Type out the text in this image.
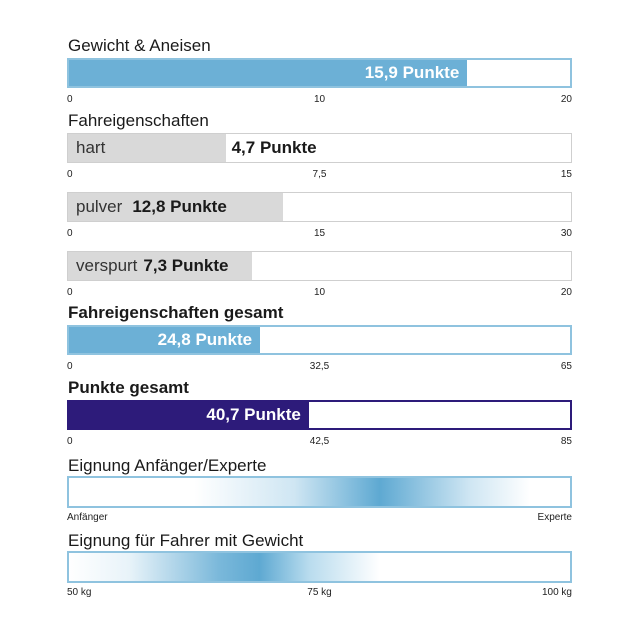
Gewicht & Aneisen
15,9 Punkte
0	10	20
Fahreigenschaften
hart	4,7 Punkte
0	7,5	15
pulver 12,8 Punkte
0	15	30
verspurt 7,3 Punkte
0	10	20
Fahreigenschaften gesamt
24,8 Punkte
0	32,5	65
Punkte gesamt
40,7 Punkte
0	42,5	85
Eignung Anfänger/Experte
Anfänger	Experte
Eignung für Fahrer mit Gewicht
50 kg	75 kg	100 kg
